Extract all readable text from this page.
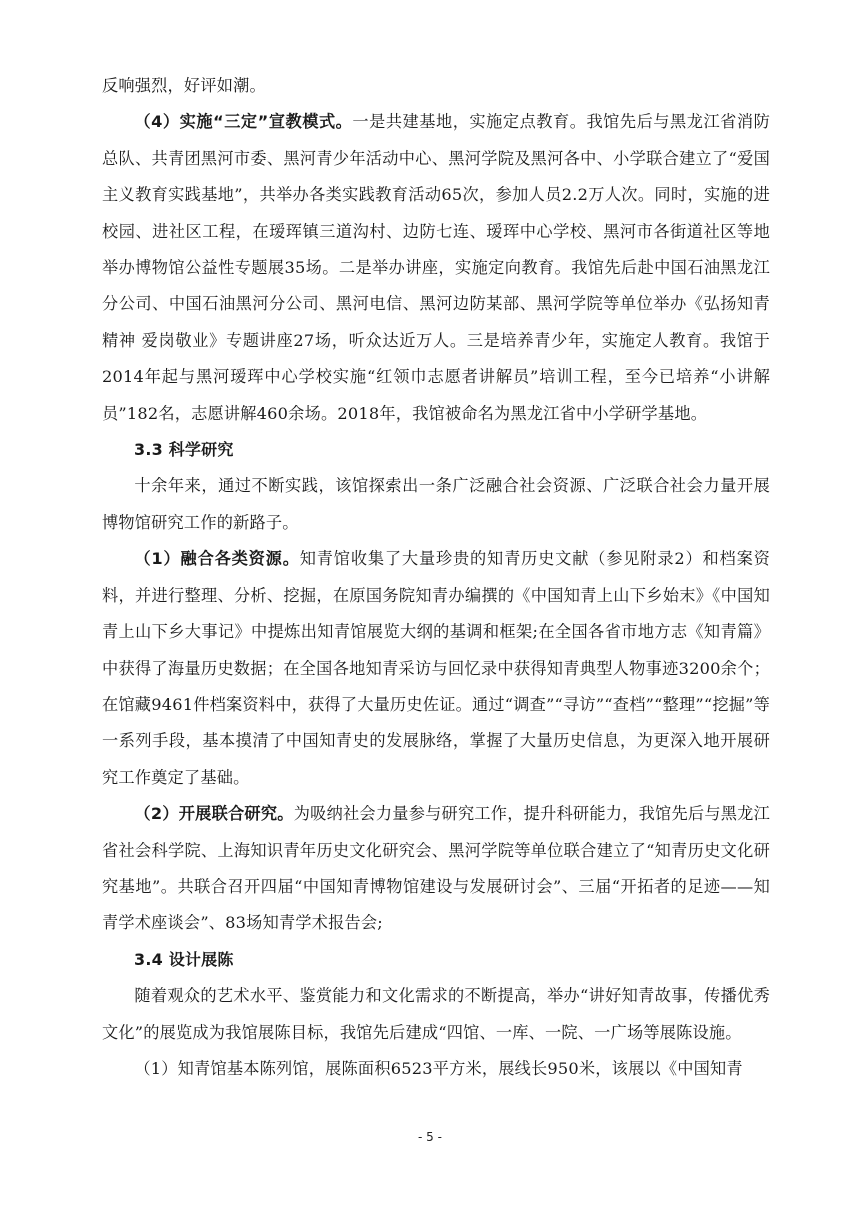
反响强烈，好评如潮。

（4）实施“三定”宣教模式。一是共建基地，实施定点教育。我馆先后与黑龙江省消防总队、共青团黑河市委、黑河青少年活动中心、黑河学院及黑河各中、小学联合建立了“爱国主义教育实践基地”，共举办各类实践教育活动65次，参加人员2.2万人次。同时，实施的进校园、进社区工程，在瑷珲镇三道沟村、边防七连、瑷珲中心学校、黑河市各街道社区等地举办博物馆公益性专题展35场。二是举办讲座，实施定向教育。我馆先后赴中国石油黑龙江分公司、中国石油黑河分公司、黑河电信、黑河边防某部、黑河学院等单位举办《弘扬知青精神 爱岗敬业》专题讲座27场，听众达近万人。三是培养青少年，实施定人教育。我馆于2014年起与黑河瑷珲中心学校实施“红领巾志愿者讲解员”培训工程，至今已培养“小讲解员”182名，志愿讲解460余场。2018年，我馆被命名为黑龙江省中小学研学基地。

3.3 科学研究

十余年来，通过不断实践，该馆探索出一条广泛融合社会资源、广泛联合社会力量开展博物馆研究工作的新路子。

（1）融合各类资源。知青馆收集了大量珍贵的知青历史文献（参见附录2）和档案资料，并进行整理、分析、挖掘，在原国务院知青办编撰的《中国知青上山下乡始末》《中国知青上山下乡大事记》中提炼出知青馆展览大纲的基调和框架;在全国各省市地方志《知青篇》中获得了海量历史数据；在全国各地知青采访与回忆录中获得知青典型人物事迹3200余个；在馆藏9461件档案资料中，获得了大量历史佐证。通过“调查”“寻访”“查档”“整理”“挖掘”等一系列手段，基本摸清了中国知青史的发展脉络，掌握了大量历史信息，为更深入地开展研究工作奠定了基础。

（2）开展联合研究。为吸纳社会力量参与研究工作，提升科研能力，我馆先后与黑龙江省社会科学院、上海知识青年历史文化研究会、黑河学院等单位联合建立了“知青历史文化研究基地”。共联合召开四届“中国知青博物馆建设与发展研讨会”、三届“开拓者的足迹——知青学术座谈会”、83场知青学术报告会;

3.4 设计展陈

随着观众的艺术水平、鉴赏能力和文化需求的不断提高，举办“讲好知青故事，传播优秀文化”的展览成为我馆展陈目标，我馆先后建成“四馆、一库、一院、一广场等展陈设施。

（1）知青馆基本陈列馆，展陈面积6523平方米，展线长950米，该展以《中国知青

- 5 -
